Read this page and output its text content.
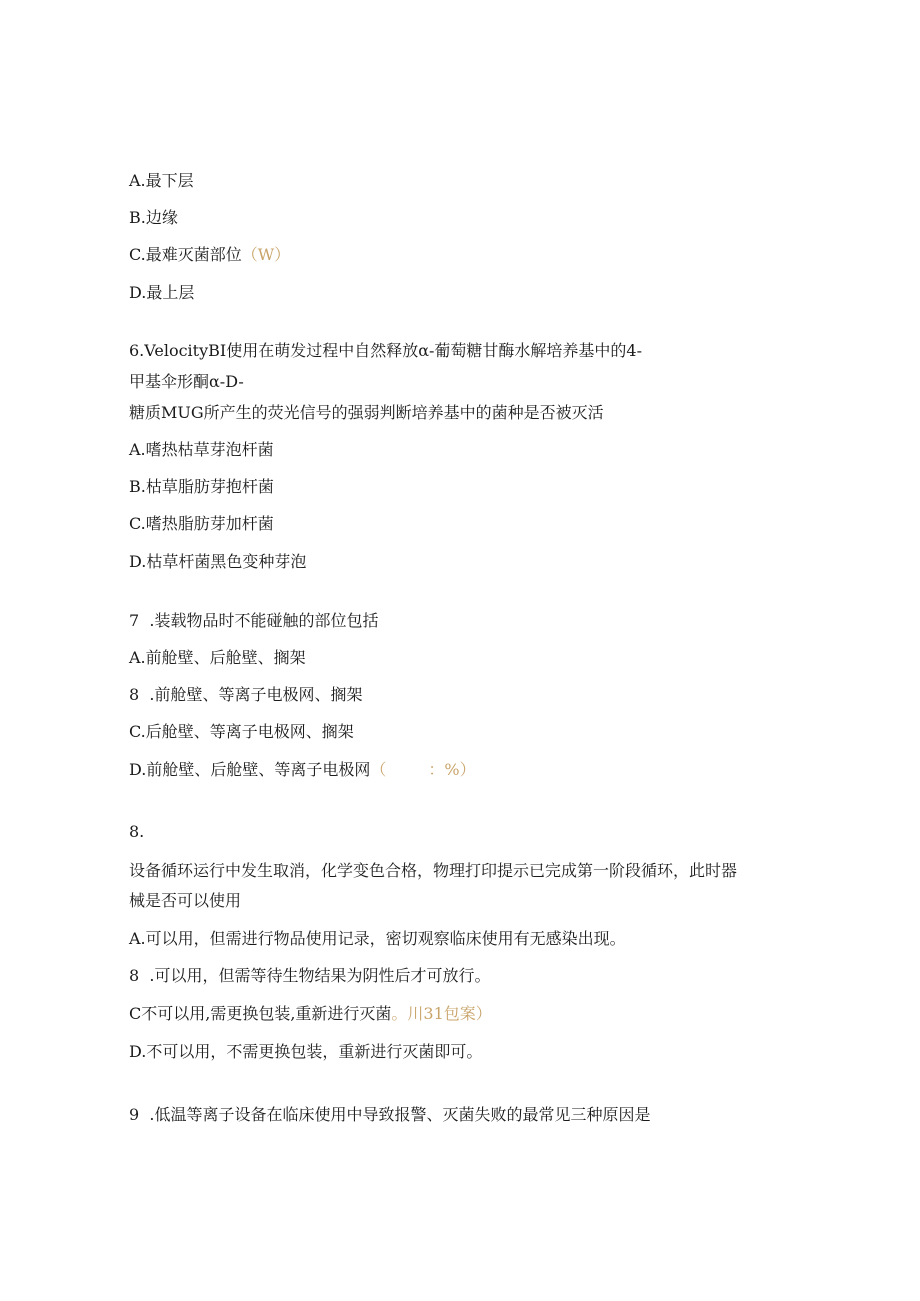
A.最下层
B.边缘
C.最难灭菌部位（W）
D.最上层
6.VelocityBI使用在萌发过程中自然释放α-葡萄糖甘酶水解培养基中的4-
甲基伞形酮α-D-
糖质MUG所产生的荧光信号的强弱判断培养基中的菌种是否被灭活
A.嗜热枯草芽泡杆菌
B.枯草脂肪芽抱杆菌
C.嗜热脂肪芽加杆菌
D.枯草杆菌黑色变种芽泡
7  .装载物品时不能碰触的部位包括
A.前舱壁、后舱壁、搁架
8  .前舱壁、等离子电极网、搁架
C.后舱壁、等离子电极网、搁架
D.前舱壁、后舱壁、等离子电极网（	：%）
8.
设备循环运行中发生取消，化学变色合格，物理打印提示已完成第一阶段循环，此时器
械是否可以使用
A.可以用，但需进行物品使用记录，密切观察临床使用有无感染出现。
8  .可以用，但需等待生物结果为阴性后才可放行。
C不可以用,需更换包装,重新进行灭菌。川31包案）
D.不可以用，不需更换包装，重新进行灭菌即可。
9  .低温等离子设备在临床使用中导致报警、灭菌失败的最常见三种原因是
